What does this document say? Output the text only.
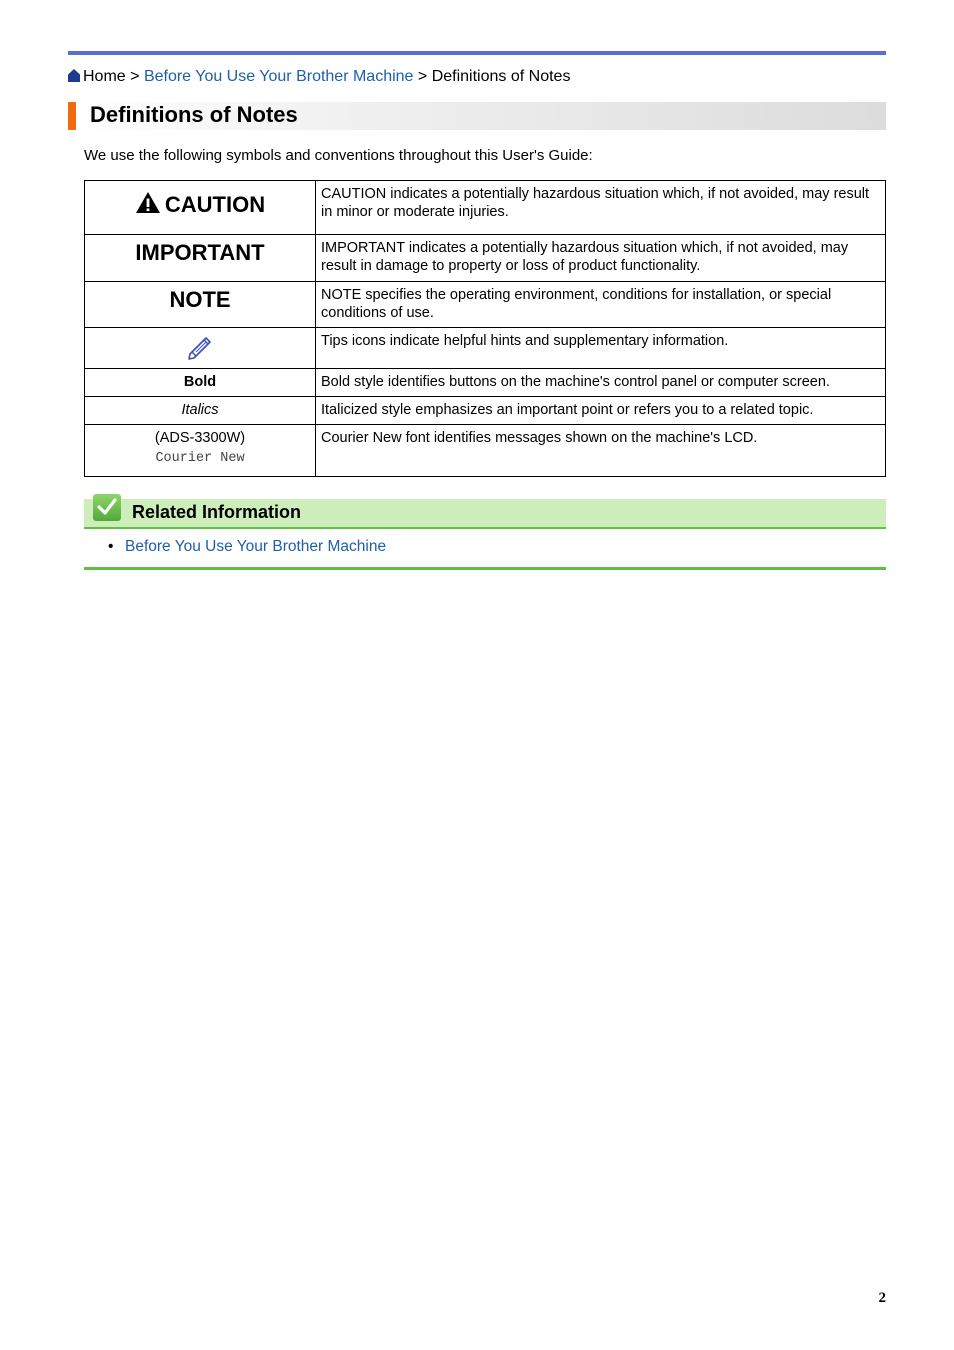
Home > Before You Use Your Brother Machine > Definitions of Notes
Definitions of Notes
We use the following symbols and conventions throughout this User's Guide:
CAUTION	CAUTION indicates a potentially hazardous situation which, if not avoided, may result in minor or moderate injuries.

IMPORTANT	IMPORTANT indicates a potentially hazardous situation which, if not avoided, may result in damage to property or loss of product functionality.

NOTE	NOTE specifies the operating environment, conditions for installation, or special conditions of use.
	Tips icons indicate helpful hints and supplementary information.

Bold	Bold style identifies buttons on the machine's control panel or computer screen.

Italics	Italicized style emphasizes an important point or refers you to a related topic.

(ADS-3300W)
Courier New	Courier New font identifies messages shown on the machine's LCD.
Related Information
• Before You Use Your Brother Machine
2
